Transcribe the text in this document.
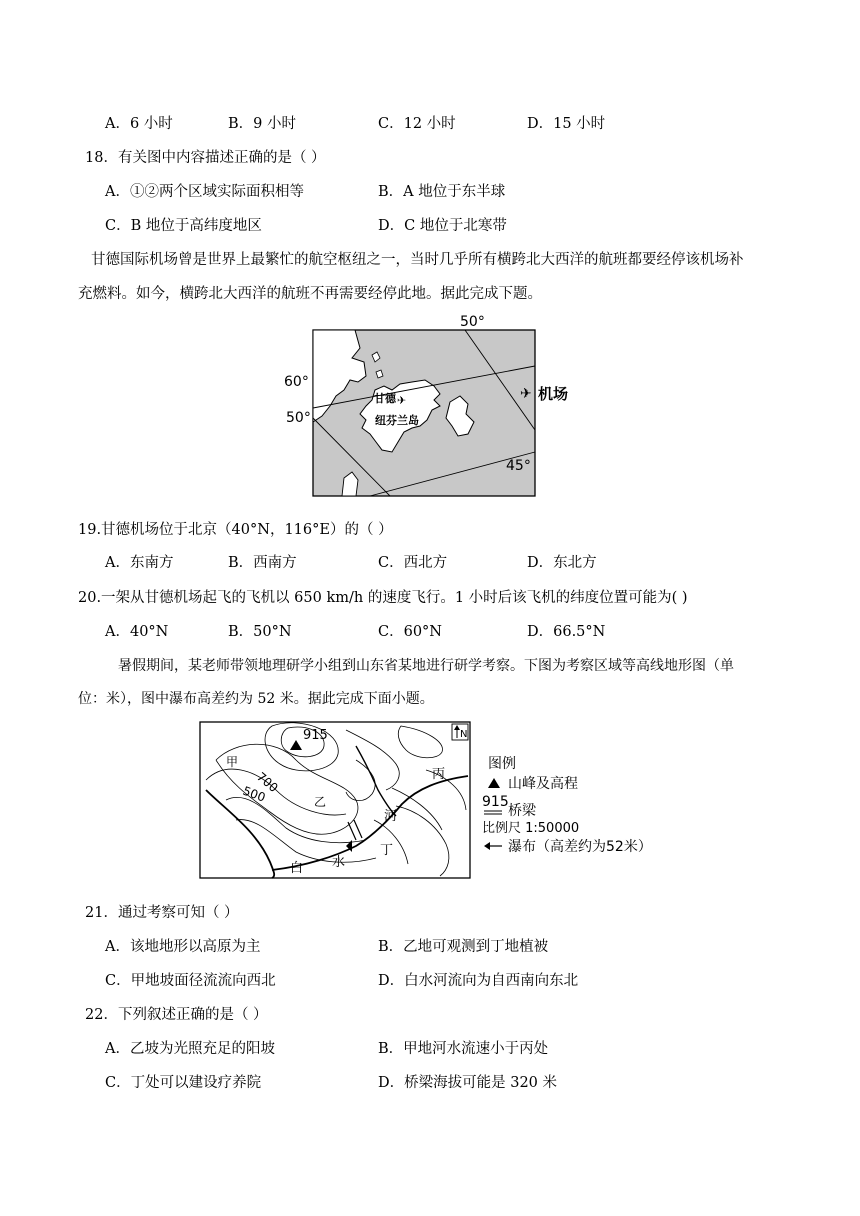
A．6 小时	B．9 小时	C．12 小时	D．15 小时
18．有关图中内容描述正确的是（ ）
A．①②两个区域实际面积相等	B．A 地位于东半球
C．B 地位于高纬度地区	D．C 地位于北寒带
甘德国际机场曾是世界上最繁忙的航空枢纽之一，当时几乎所有横跨北大西洋的航班都要经停该机场补
充燃料。如今，横跨北大西洋的航班不再需要经停此地。据此完成下题。
50°
60°
50°
45°
✈
甘德
纽芬兰岛
✈ 机场
19.甘德机场位于北京（40°N，116°E）的（ ）
A．东南方	B．西南方	C．西北方	D．东北方
20.一架从甘德机场起飞的飞机以 650 km/h 的速度飞行。1 小时后该飞机的纬度位置可能为( )
A．40°N	B．50°N	C．60°N	D．66.5°N
暑假期间，某老师带领地理研学小组到山东省某地进行研学考察。下图为考察区域等高线地形图（单
位：米），图中瀑布高差约为 52 米。据此完成下面小题。
915	N
甲
700
500	乙
丙
河
丁
白 水
图例
山峰及高程
915
桥梁
比例尺 1:50000
瀑布（高差约为52米）
21．通过考察可知（ ）
A．该地地形以高原为主	B．乙地可观测到丁地植被
C．甲地坡面径流流向西北	D．白水河流向为自西南向东北
22．下列叙述正确的是（ ）
A．乙坡为光照充足的阳坡	B．甲地河水流速小于丙处
C．丁处可以建设疗养院	D．桥梁海拔可能是 320 米
